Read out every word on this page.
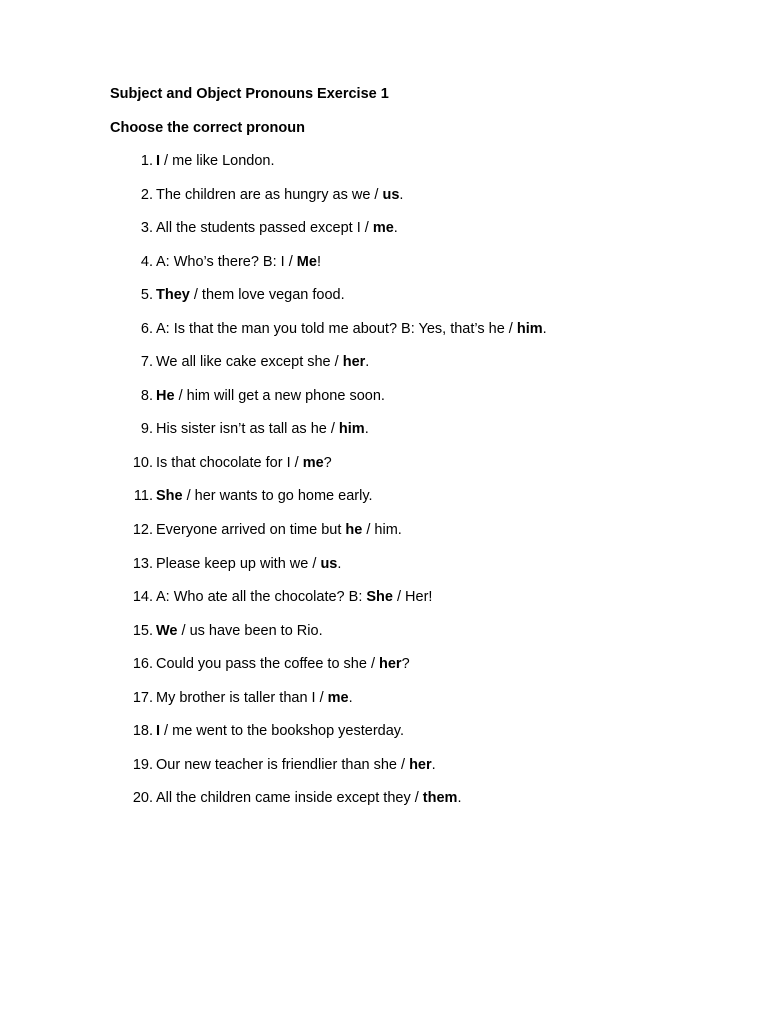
Subject and Object Pronouns Exercise 1
Choose the correct pronoun
1. I / me like London.
2. The children are as hungry as we / us.
3. All the students passed except I / me.
4. A: Who’s there? B: I / Me!
5. They / them love vegan food.
6. A: Is that the man you told me about? B: Yes, that’s he / him.
7. We all like cake except she / her.
8. He / him will get a new phone soon.
9. His sister isn’t as tall as he / him.
10. Is that chocolate for I / me?
11. She / her wants to go home early.
12. Everyone arrived on time but he / him.
13. Please keep up with we / us.
14. A: Who ate all the chocolate? B: She / Her!
15. We / us have been to Rio.
16. Could you pass the coffee to she / her?
17. My brother is taller than I / me.
18. I / me went to the bookshop yesterday.
19. Our new teacher is friendlier than she / her.
20. All the children came inside except they / them.
